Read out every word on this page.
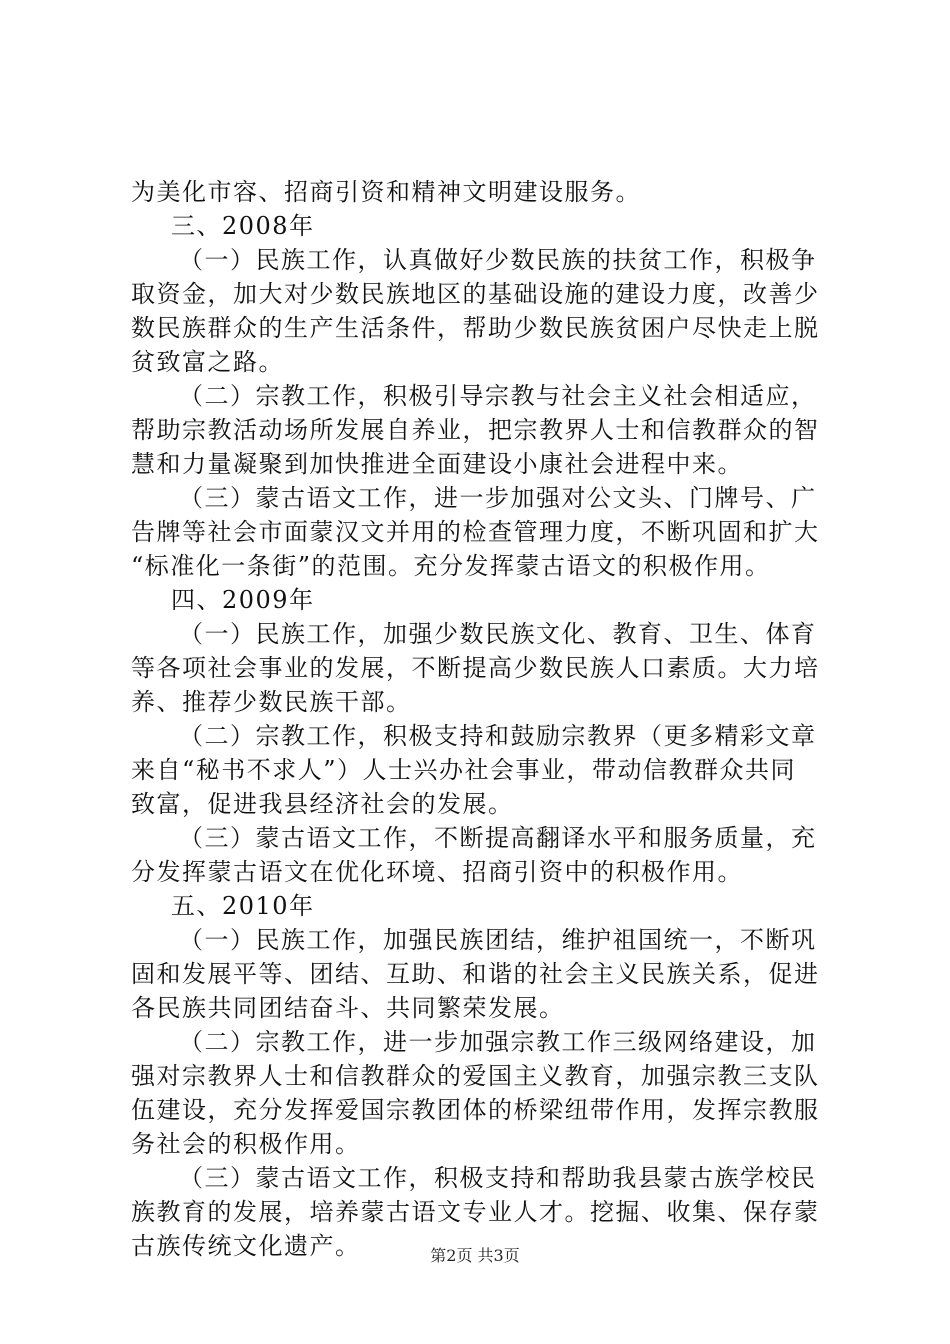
为美化市容、招商引资和精神文明建设服务。
三、2008年
（一）民族工作，认真做好少数民族的扶贫工作，积极争
取资金，加大对少数民族地区的基础设施的建设力度，改善少
数民族群众的生产生活条件，帮助少数民族贫困户尽快走上脱
贫致富之路。
（二）宗教工作，积极引导宗教与社会主义社会相适应，
帮助宗教活动场所发展自养业，把宗教界人士和信教群众的智
慧和力量凝聚到加快推进全面建设小康社会进程中来。
（三）蒙古语文工作，进一步加强对公文头、门牌号、广
告牌等社会市面蒙汉文并用的检查管理力度，不断巩固和扩大
“标准化一条街”的范围。充分发挥蒙古语文的积极作用。
四、2009年
（一）民族工作，加强少数民族文化、教育、卫生、体育
等各项社会事业的发展，不断提高少数民族人口素质。大力培
养、推荐少数民族干部。
（二）宗教工作，积极支持和鼓励宗教界（更多精彩文章
来自“秘书不求人”）人士兴办社会事业，带动信教群众共同
致富，促进我县经济社会的发展。
（三）蒙古语文工作，不断提高翻译水平和服务质量，充
分发挥蒙古语文在优化环境、招商引资中的积极作用。
五、2010年
（一）民族工作，加强民族团结，维护祖国统一，不断巩
固和发展平等、团结、互助、和谐的社会主义民族关系，促进
各民族共同团结奋斗、共同繁荣发展。
（二）宗教工作，进一步加强宗教工作三级网络建设，加
强对宗教界人士和信教群众的爱国主义教育，加强宗教三支队
伍建设，充分发挥爱国宗教团体的桥梁纽带作用，发挥宗教服
务社会的积极作用。
（三）蒙古语文工作，积极支持和帮助我县蒙古族学校民
族教育的发展，培养蒙古语文专业人才。挖掘、收集、保存蒙
古族传统文化遗产。	第2页 共3页
